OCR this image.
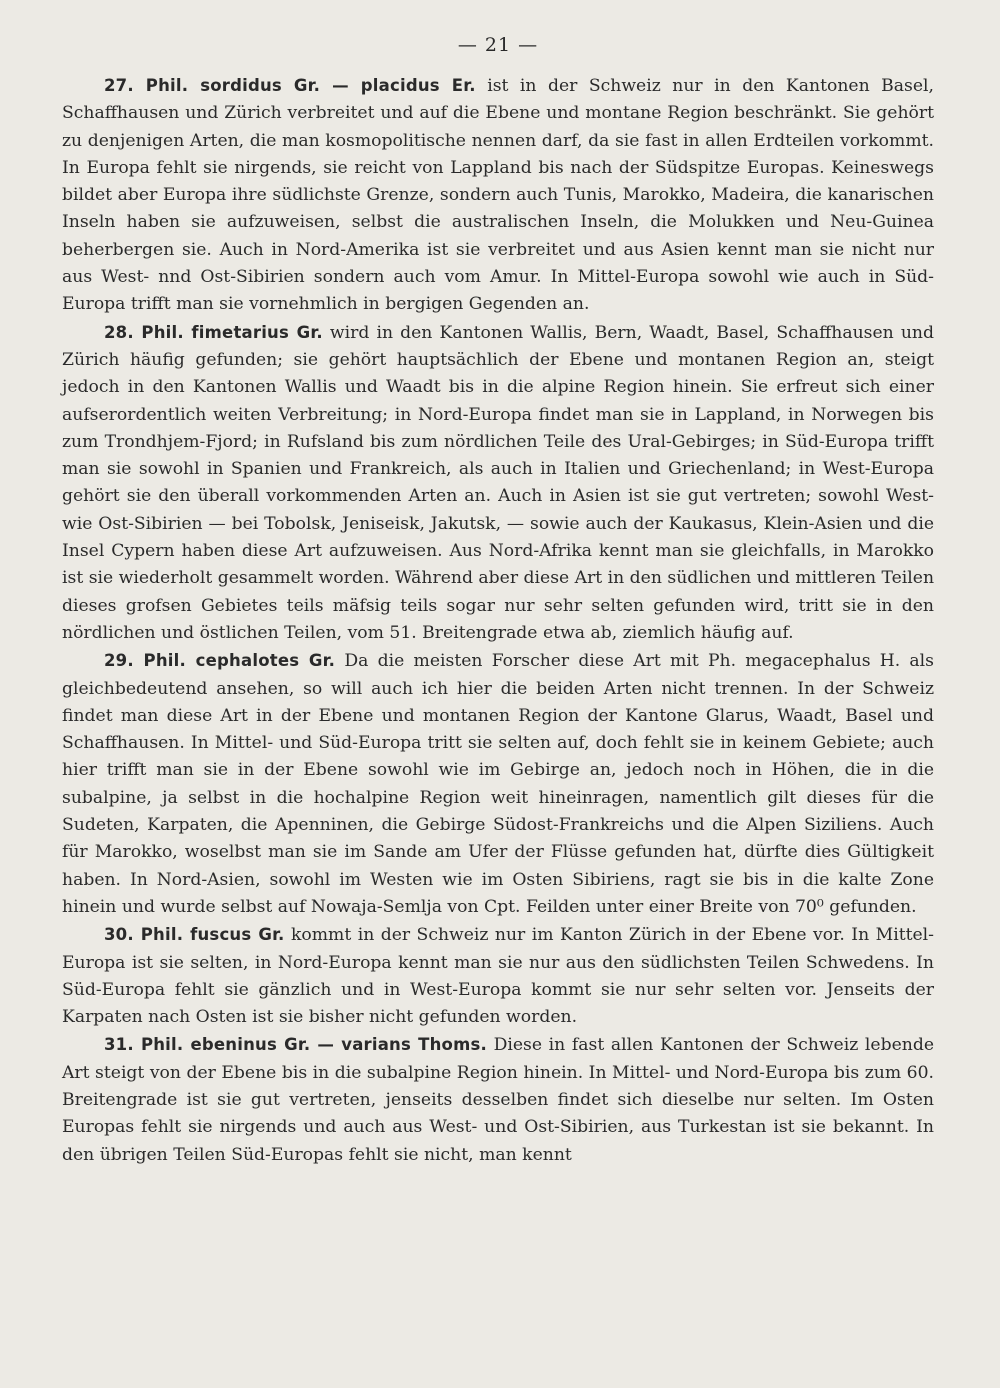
— 21 —

27. Phil. sordidus Gr. — placidus Er. ist in der Schweiz nur in den Kantonen Basel, Schaffhausen und Zürich verbreitet und auf die Ebene und montane Region beschränkt. Sie gehört zu denjenigen Arten, die man kosmopolitische nennen darf, da sie fast in allen Erdteilen vorkommt. In Europa fehlt sie nirgends, sie reicht von Lappland bis nach der Südspitze Europas. Keineswegs bildet aber Europa ihre südlichste Grenze, sondern auch Tunis, Marokko, Madeira, die kanarischen Inseln haben sie aufzuweisen, selbst die australischen Inseln, die Molukken und Neu-Guinea beherbergen sie. Auch in Nord-Amerika ist sie verbreitet und aus Asien kennt man sie nicht nur aus West- nnd Ost-Sibirien sondern auch vom Amur. In Mittel-Europa sowohl wie auch in Süd-Europa trifft man sie vornehmlich in bergigen Gegenden an.

28. Phil. fimetarius Gr. wird in den Kantonen Wallis, Bern, Waadt, Basel, Schaffhausen und Zürich häufig gefunden; sie gehört hauptsächlich der Ebene und montanen Region an, steigt jedoch in den Kantonen Wallis und Waadt bis in die alpine Region hinein. Sie erfreut sich einer aufserordentlich weiten Verbreitung; in Nord-Europa findet man sie in Lappland, in Norwegen bis zum Trondhjem-Fjord; in Rufsland bis zum nördlichen Teile des Ural-Gebirges; in Süd-Europa trifft man sie sowohl in Spanien und Frankreich, als auch in Italien und Griechenland; in West-Europa gehört sie den überall vorkommenden Arten an. Auch in Asien ist sie gut vertreten; sowohl West- wie Ost-Sibirien — bei Tobolsk, Jeniseisk, Jakutsk, — sowie auch der Kaukasus, Klein-Asien und die Insel Cypern haben diese Art aufzuweisen. Aus Nord-Afrika kennt man sie gleichfalls, in Marokko ist sie wiederholt gesammelt worden. Während aber diese Art in den südlichen und mittleren Teilen dieses grofsen Gebietes teils mäfsig teils sogar nur sehr selten gefunden wird, tritt sie in den nördlichen und östlichen Teilen, vom 51. Breitengrade etwa ab, ziemlich häufig auf.

29. Phil. cephalotes Gr. Da die meisten Forscher diese Art mit Ph. megacephalus H. als gleichbedeutend ansehen, so will auch ich hier die beiden Arten nicht trennen. In der Schweiz findet man diese Art in der Ebene und montanen Region der Kantone Glarus, Waadt, Basel und Schaffhausen. In Mittel- und Süd-Europa tritt sie selten auf, doch fehlt sie in keinem Gebiete; auch hier trifft man sie in der Ebene sowohl wie im Gebirge an, jedoch noch in Höhen, die in die subalpine, ja selbst in die hochalpine Region weit hineinragen, namentlich gilt dieses für die Sudeten, Karpaten, die Apenninen, die Gebirge Südost-Frankreichs und die Alpen Siziliens. Auch für Marokko, woselbst man sie im Sande am Ufer der Flüsse gefunden hat, dürfte dies Gültigkeit haben. In Nord-Asien, sowohl im Westen wie im Osten Sibiriens, ragt sie bis in die kalte Zone hinein und wurde selbst auf Nowaja-Semlja von Cpt. Feilden unter einer Breite von 70⁰ gefunden.

30. Phil. fuscus Gr. kommt in der Schweiz nur im Kanton Zürich in der Ebene vor. In Mittel-Europa ist sie selten, in Nord-Europa kennt man sie nur aus den südlichsten Teilen Schwedens. In Süd-Europa fehlt sie gänzlich und in West-Europa kommt sie nur sehr selten vor. Jenseits der Karpaten nach Osten ist sie bisher nicht gefunden worden.

31. Phil. ebeninus Gr. — varians Thoms. Diese in fast allen Kantonen der Schweiz lebende Art steigt von der Ebene bis in die subalpine Region hinein. In Mittel- und Nord-Europa bis zum 60. Breitengrade ist sie gut vertreten, jenseits desselben findet sich dieselbe nur selten. Im Osten Europas fehlt sie nirgends und auch aus West- und Ost-Sibirien, aus Turkestan ist sie bekannt. In den übrigen Teilen Süd-Europas fehlt sie nicht, man kennt
